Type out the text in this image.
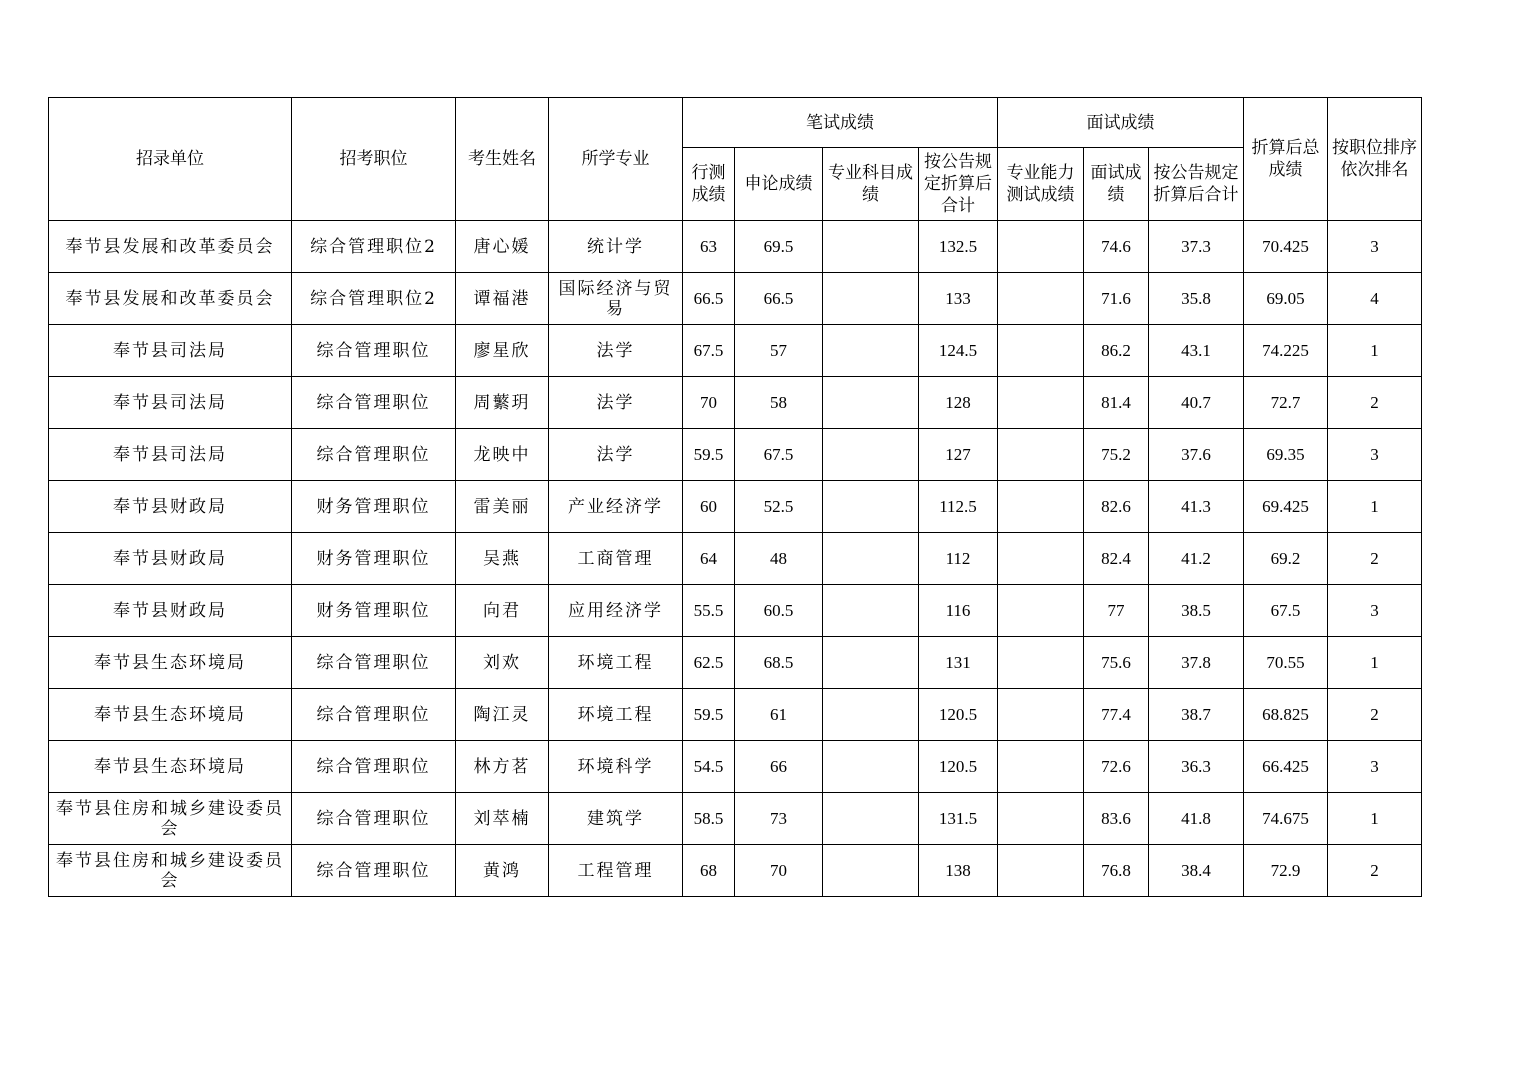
招录单位	招考职位	考生姓名	所学专业	笔试成绩				面试成绩			折算后总成绩	按职位排序依次排名
				行测成绩	申论成绩	专业科目成绩	按公告规定折算后合计	专业能力测试成绩	面试成绩	按公告规定折算后合计		
奉节县发展和改革委员会	综合管理职位2	唐心媛	统计学	63	69.5		132.5		74.6	37.3	70.425	3
奉节县发展和改革委员会	综合管理职位2	谭福港	国际经济与贸易	66.5	66.5		133		71.6	35.8	69.05	4
奉节县司法局	综合管理职位	廖星欣	法学	67.5	57		124.5		86.2	43.1	74.225	1
奉节县司法局	综合管理职位	周蘩玥	法学	70	58		128		81.4	40.7	72.7	2
奉节县司法局	综合管理职位	龙映中	法学	59.5	67.5		127		75.2	37.6	69.35	3
奉节县财政局	财务管理职位	雷美丽	产业经济学	60	52.5		112.5		82.6	41.3	69.425	1
奉节县财政局	财务管理职位	吴燕	工商管理	64	48		112		82.4	41.2	69.2	2
奉节县财政局	财务管理职位	向君	应用经济学	55.5	60.5		116		77	38.5	67.5	3
奉节县生态环境局	综合管理职位	刘欢	环境工程	62.5	68.5		131		75.6	37.8	70.55	1
奉节县生态环境局	综合管理职位	陶江灵	环境工程	59.5	61		120.5		77.4	38.7	68.825	2
奉节县生态环境局	综合管理职位	林方茗	环境科学	54.5	66		120.5		72.6	36.3	66.425	3
奉节县住房和城乡建设委员会	综合管理职位	刘萃楠	建筑学	58.5	73		131.5		83.6	41.8	74.675	1
奉节县住房和城乡建设委员会	综合管理职位	黄鸿	工程管理	68	70		138		76.8	38.4	72.9	2
